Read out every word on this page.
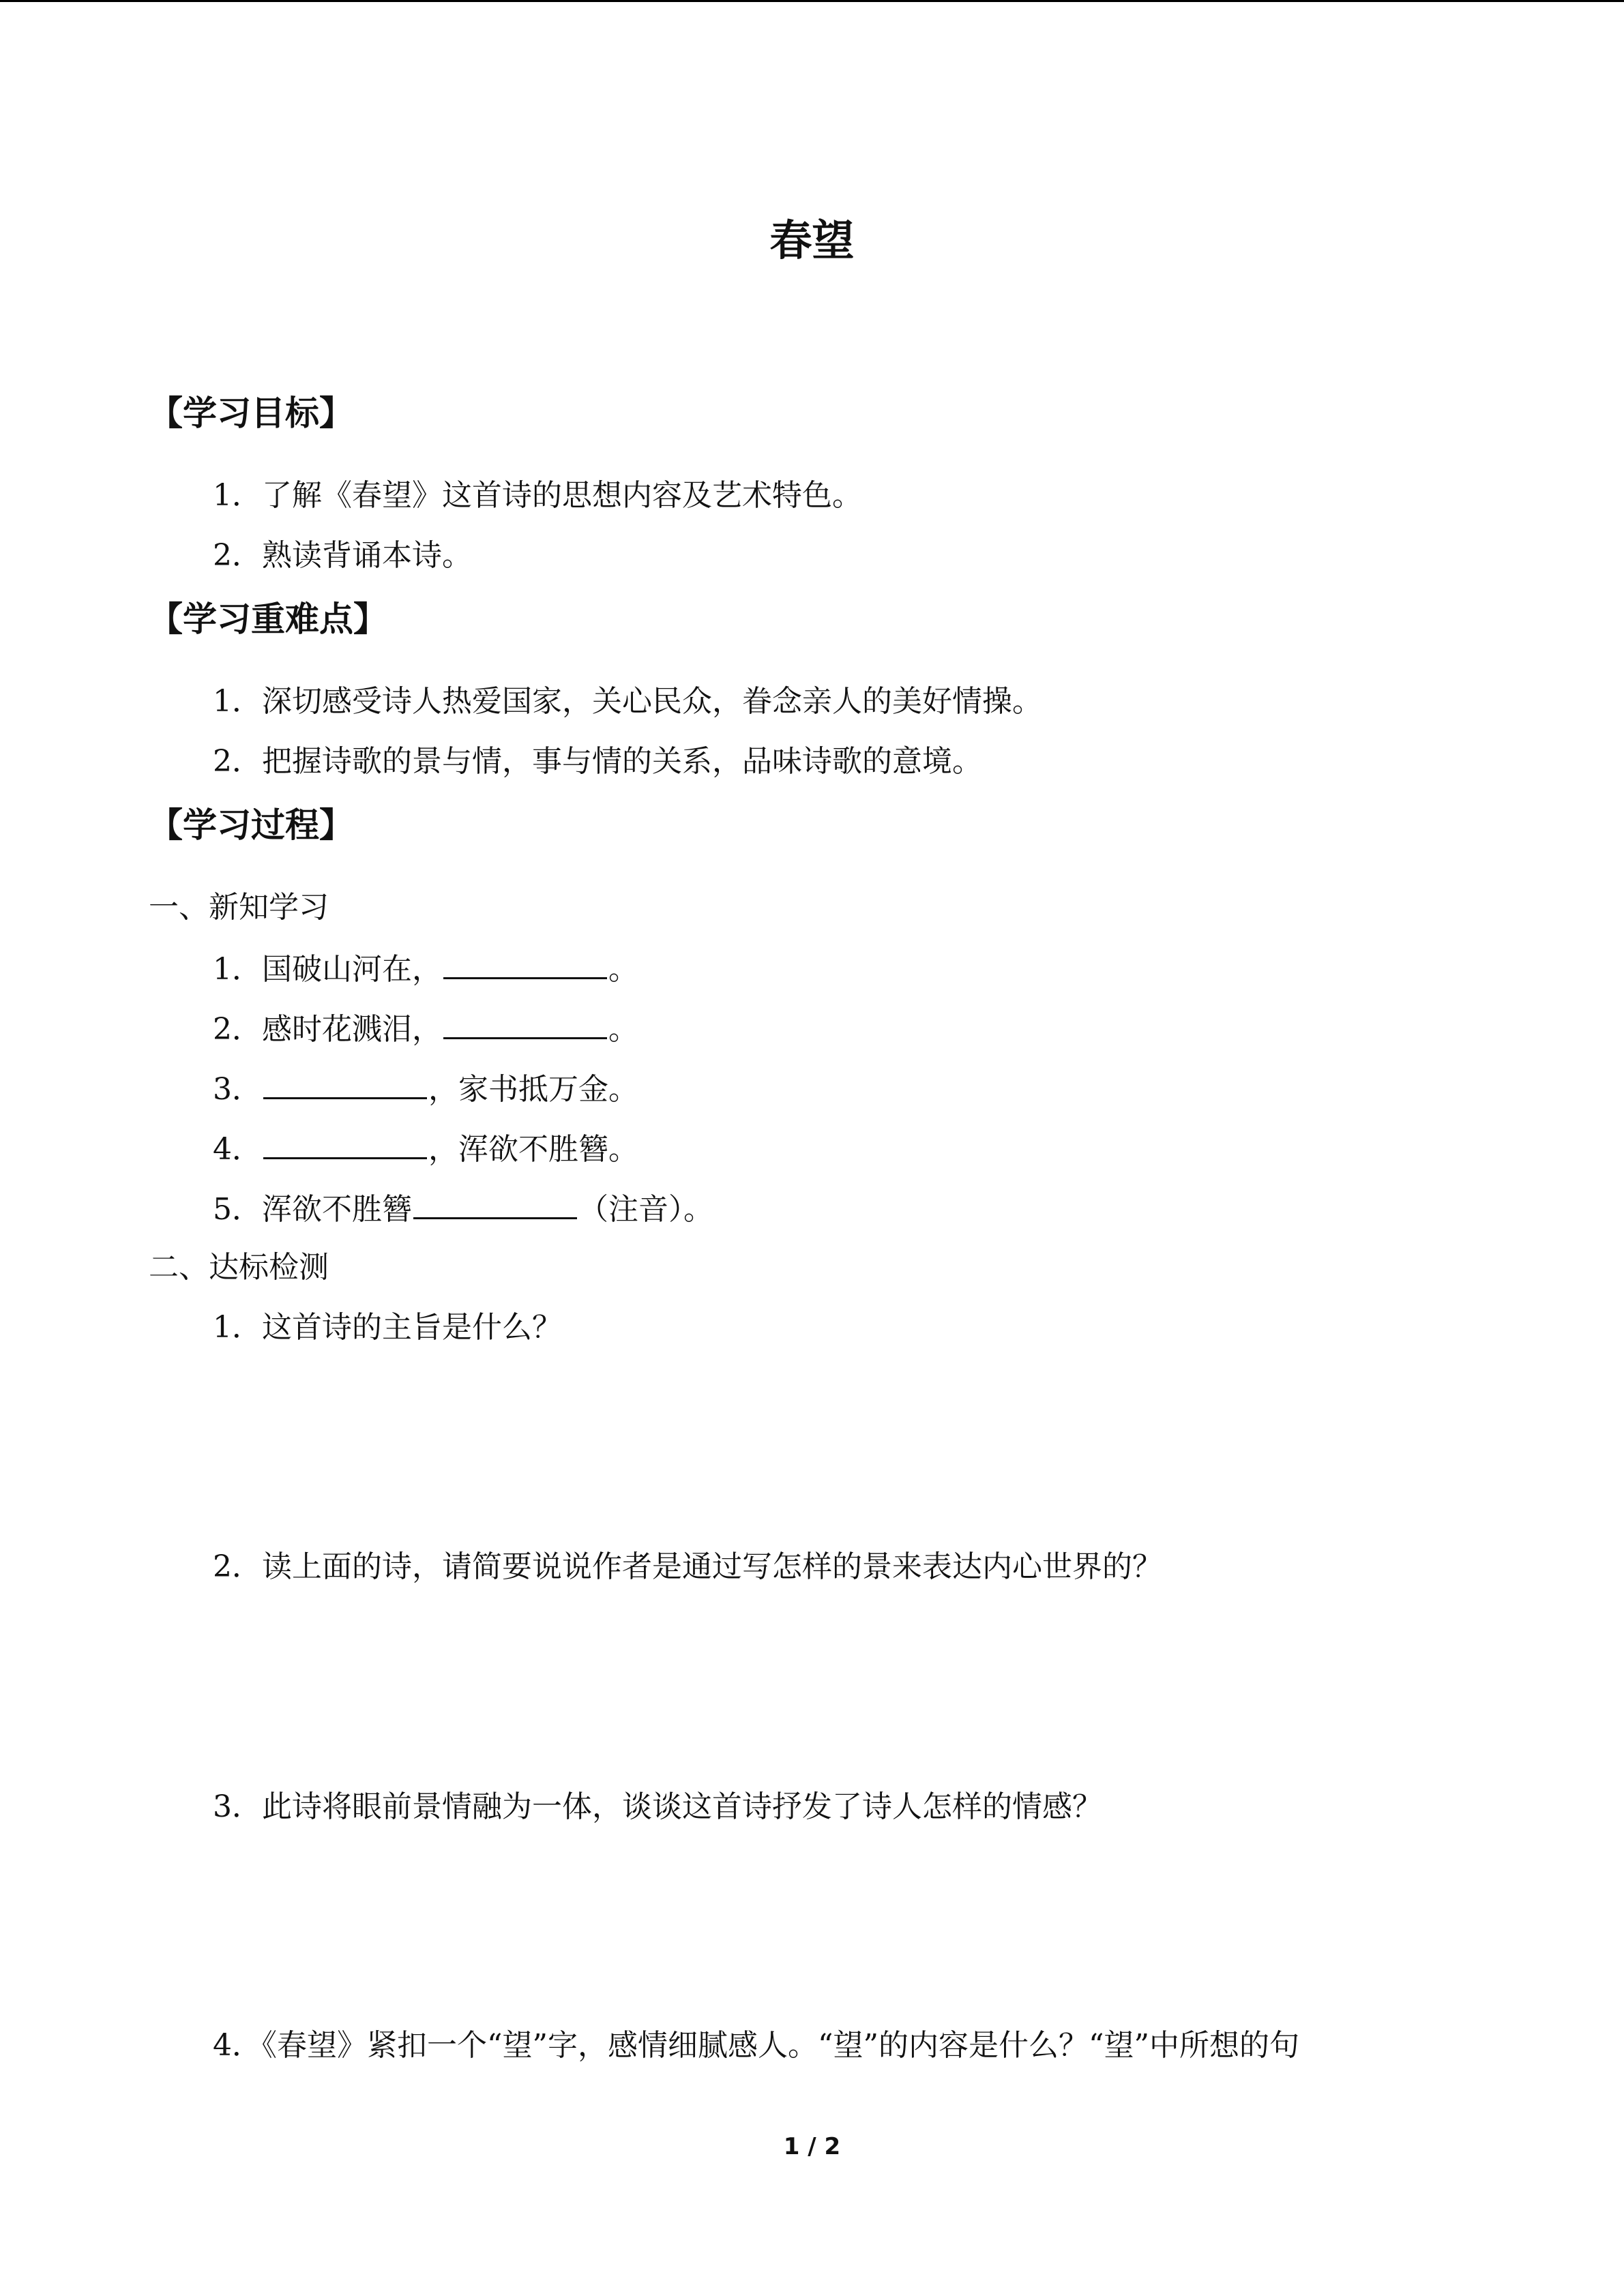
春望
【学习目标】
1．了解《春望》这首诗的思想内容及艺术特色。
2．熟读背诵本诗。
【学习重难点】
1．深切感受诗人热爱国家，关心民众，眷念亲人的美好情操。
2．把握诗歌的景与情，事与情的关系，品味诗歌的意境。
【学习过程】
一、新知学习
1．国破山河在，	。
2．感时花溅泪，	。
3．	，家书抵万金。
4．	，浑欲不胜簪。
5．浑欲不胜簪	（注音）。
二、达标检测
1．这首诗的主旨是什么？
2．读上面的诗，请简要说说作者是通过写怎样的景来表达内心世界的？
3．此诗将眼前景情融为一体，谈谈这首诗抒发了诗人怎样的情感？
4．《春望》紧扣一个“望”字，感情细腻感人。“望”的内容是什么？“望”中所想的句
1 / 2
